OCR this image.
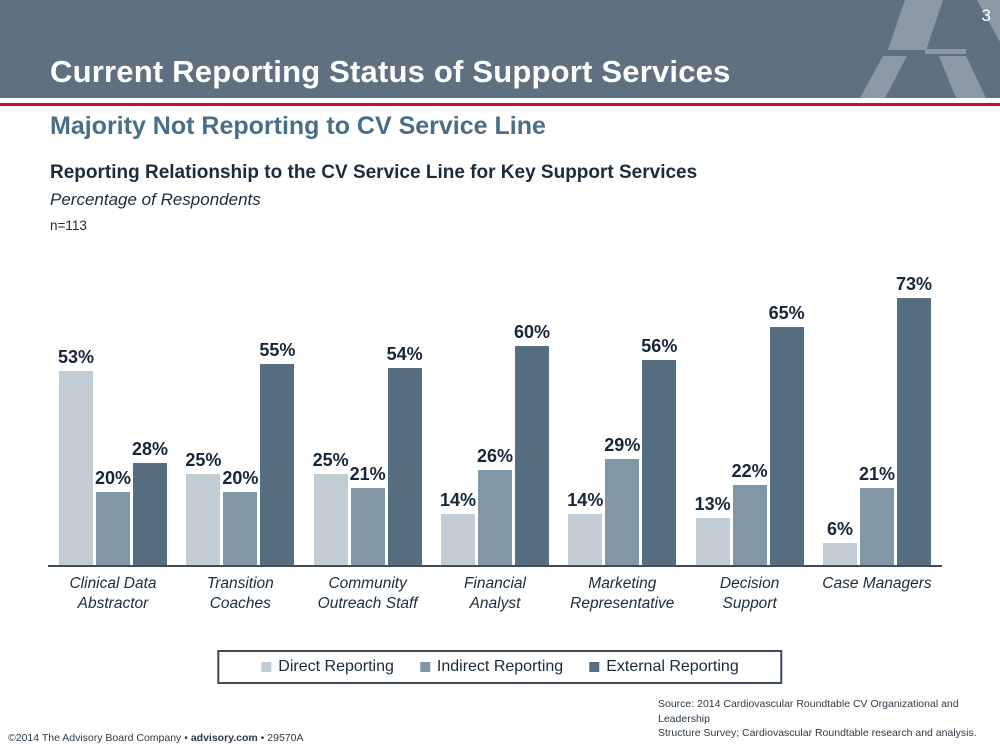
3
Current Reporting Status of Support Services
Majority Not Reporting to CV Service Line
Reporting Relationship to the CV Service Line for Key Support Services
Percentage of Respondents
n=113
53%
20%
28%
25%
20%
55%
25%
21%
54%
14%
26%
60%
14%
29%
56%
13%
22%
65%
6%
21%
73%
Clinical Data
Abstractor
Transition
Coaches
Community
Outreach Staff
Financial
Analyst
Marketing
Representative
Decision
Support
Case Managers
Direct Reporting	Indirect Reporting	External Reporting
©2014 The Advisory Board Company • advisory.com • 29570A
Source: 2014 Cardiovascular Roundtable CV Organizational and Leadership
Structure Survey; Cardiovascular Roundtable research and analysis.
